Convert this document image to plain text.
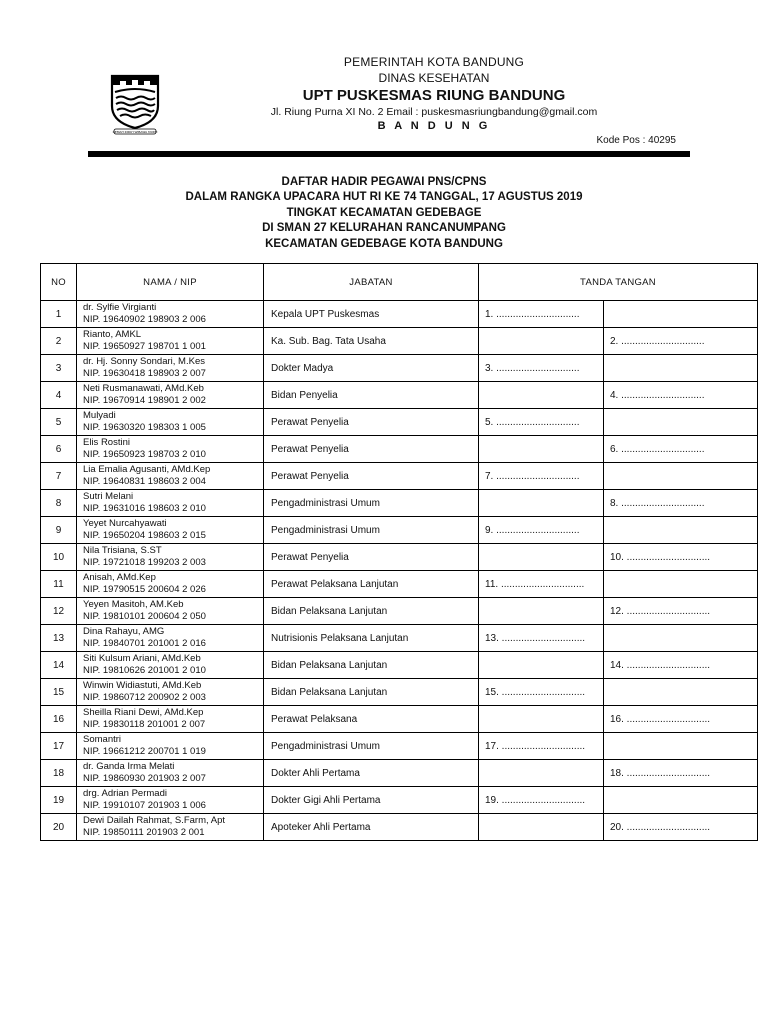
GEMAH RIPAH WIBAWA MUKTI
PEMERINTAH KOTA BANDUNG
DINAS KESEHATAN
UPT PUSKESMAS RIUNG BANDUNG
Jl. Riung Purna XI No. 2 Email : puskesmasriungbandung@gmail.com
B A N D U N G
Kode Pos : 40295
DAFTAR HADIR PEGAWAI PNS/CPNS
DALAM RANGKA UPACARA HUT RI KE 74 TANGGAL, 17 AGUSTUS 2019
TINGKAT KECAMATAN GEDEBAGE
DI SMAN 27 KELURAHAN RANCANUMPANG
KECAMATAN GEDEBAGE KOTA BANDUNG
NO	NAMA / NIP	JABATAN	TANDA TANGAN	
1	dr. Sylfie Virgianti
NIP. 19640902 198903 2 006	Kepala UPT Puskesmas	1. ..............................	
2	Rianto, AMKL
NIP. 19650927 198701 1 001	Ka. Sub. Bag. Tata Usaha		2. ..............................
3	dr. Hj. Sonny Sondari, M.Kes
NIP. 19630418 198903 2 007	Dokter Madya	3. ..............................	
4	Neti Rusmanawati, AMd.Keb
NIP. 19670914 198901 2 002	Bidan Penyelia		4. ..............................
5	Mulyadi
NIP. 19630320 198303 1 005	Perawat Penyelia	5. ..............................	
6	Elis Rostini
NIP. 19650923 198703 2 010	Perawat Penyelia		6. ..............................
7	Lia Emalia Agusanti, AMd.Kep
NIP. 19640831 198603 2 004	Perawat Penyelia	7. ..............................	
8	Sutri Melani
NIP. 19631016 198603 2 010	Pengadministrasi Umum		8. ..............................
9	Yeyet Nurcahyawati
NIP. 19650204 198603 2 015	Pengadministrasi Umum	9. ..............................	
10	Nila Trisiana, S.ST
NIP. 19721018 199203 2 003	Perawat Penyelia		10. ..............................
11	Anisah, AMd.Kep
NIP. 19790515 200604 2 026	Perawat Pelaksana Lanjutan	11. ..............................	
12	Yeyen Masitoh, AM.Keb
NIP. 19810101 200604 2 050	Bidan Pelaksana Lanjutan		12. ..............................
13	Dina Rahayu, AMG
NIP. 19840701 201001 2 016	Nutrisionis Pelaksana Lanjutan	13. ..............................	
14	Siti Kulsum Ariani, AMd.Keb
NIP. 19810626 201001 2 010	Bidan Pelaksana Lanjutan		14. ..............................
15	Winwin Widiastuti, AMd.Keb
NIP. 19860712 200902 2 003	Bidan Pelaksana Lanjutan	15. ..............................	
16	Sheilla Riani Dewi, AMd.Kep
NIP. 19830118 201001 2 007	Perawat Pelaksana		16. ..............................
17	Somantri
NIP. 19661212 200701 1 019	Pengadministrasi Umum	17. ..............................	
18	dr. Ganda Irma Melati
NIP. 19860930 201903 2 007	Dokter Ahli Pertama		18. ..............................
19	drg. Adrian Permadi
NIP. 19910107 201903 1 006	Dokter Gigi Ahli Pertama	19. ..............................	
20	Dewi Dailah Rahmat, S.Farm, Apt
NIP. 19850111 201903 2 001	Apoteker Ahli Pertama		20. ..............................
